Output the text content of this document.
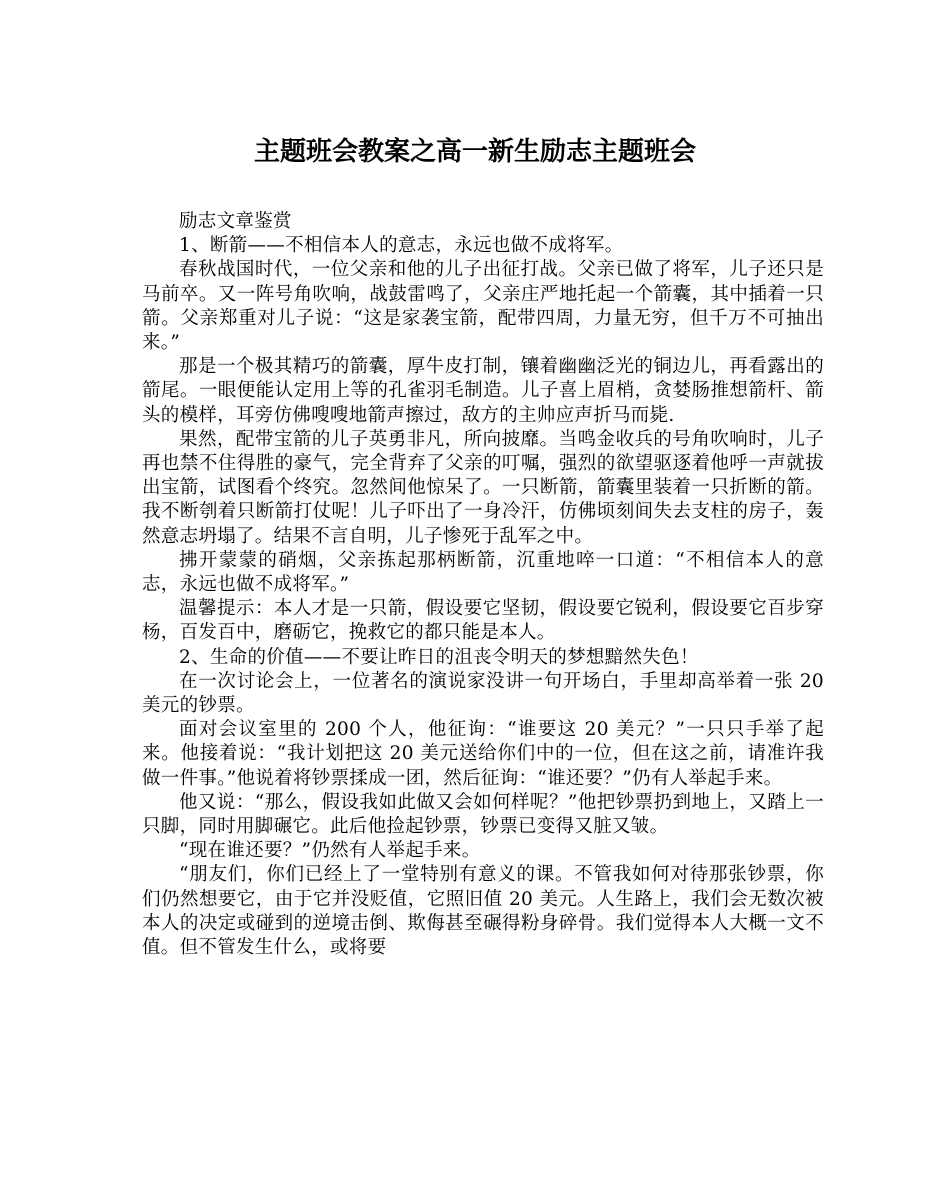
主题班会教案之高一新生励志主题班会

励志文章鉴赏

1、断箭——不相信本人的意志，永远也做不成将军。

春秋战国时代，一位父亲和他的儿子出征打战。父亲已做了将军，儿子还只是马前卒。又一阵号角吹响，战鼓雷鸣了，父亲庄严地托起一个箭囊，其中插着一只箭。父亲郑重对儿子说：“这是家袭宝箭，配带四周，力量无穷，但千万不可抽出来。”

那是一个极其精巧的箭囊，厚牛皮打制，镶着幽幽泛光的铜边儿，再看露出的箭尾。一眼便能认定用上等的孔雀羽毛制造。儿子喜上眉梢，贪婪肠推想箭杆、箭头的模样，耳旁仿佛嗖嗖地箭声擦过，敌方的主帅应声折马而毙.

果然，配带宝箭的儿子英勇非凡，所向披靡。当鸣金收兵的号角吹响时，儿子再也禁不住得胜的豪气，完全背弃了父亲的叮嘱，强烈的欲望驱逐着他呼一声就拔出宝箭，试图看个终究。忽然间他惊呆了。一只断箭，箭囊里装着一只折断的箭。我不断刳着只断箭打仗呢！儿子吓出了一身冷汗，仿佛顷刻间失去支柱的房子，轰然意志坍塌了。结果不言自明，儿子惨死于乱军之中。

拂开蒙蒙的硝烟，父亲拣起那柄断箭，沉重地啐一口道：“不相信本人的意志，永远也做不成将军。”

温馨提示：本人才是一只箭，假设要它坚韧，假设要它锐利，假设要它百步穿杨，百发百中，磨砺它，挽救它的都只能是本人。

2、生命的价值——不要让昨日的沮丧令明天的梦想黯然失色！

在一次讨论会上，一位著名的演说家没讲一句开场白，手里却高举着一张 20 美元的钞票。

面对会议室里的 200 个人，他征询：“谁要这 20 美元？”一只只手举了起来。他接着说：“我计划把这 20 美元送给你们中的一位，但在这之前，请准许我做一件事。”他说着将钞票揉成一团，然后征询：“谁还要？”仍有人举起手来。

他又说：“那么，假设我如此做又会如何样呢？”他把钞票扔到地上，又踏上一只脚，同时用脚碾它。此后他捡起钞票，钞票已变得又脏又皱。

“现在谁还要？”仍然有人举起手来。

“朋友们，你们已经上了一堂特别有意义的课。不管我如何对待那张钞票，你们仍然想要它，由于它并没贬值，它照旧值 20 美元。人生路上，我们会无数次被本人的决定或碰到的逆境击倒、欺侮甚至碾得粉身碎骨。我们觉得本人大概一文不值。但不管发生什么，或将要
